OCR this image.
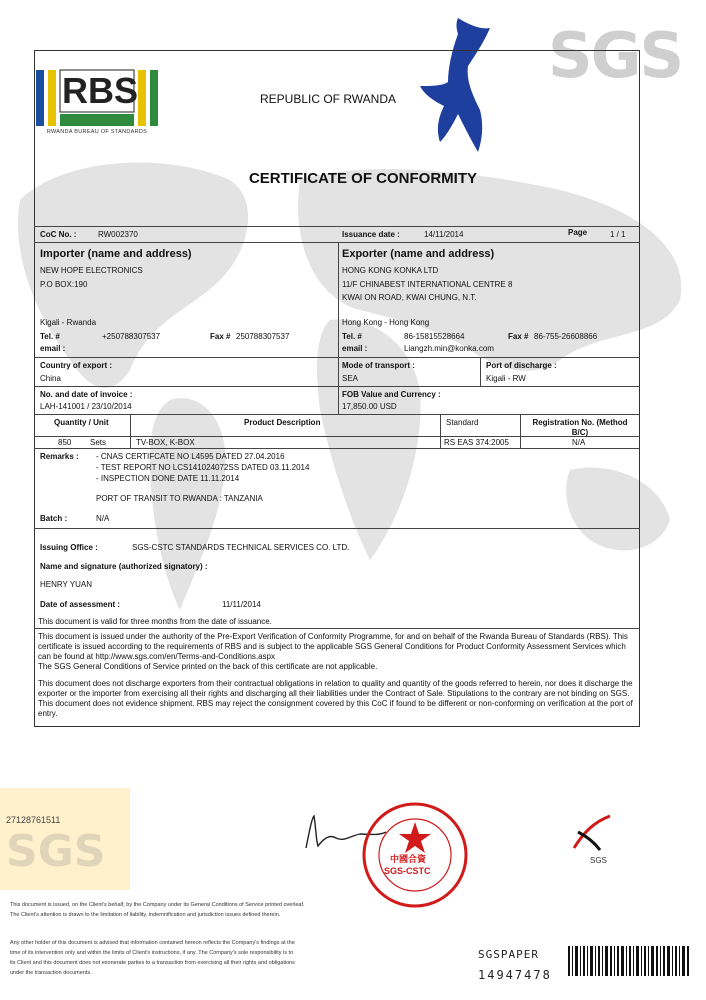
SGS
RBS
RWANDA BUREAU OF STANDARDS
REPUBLIC OF RWANDA
CERTIFICATE OF CONFORMITY
CoC No. :	RW002370	Issuance date :	14/11/2014	Page	1 / 1
Importer (name and address)
NEW HOPE ELECTRONICS
P.O BOX:190
Kigali - Rwanda
Tel. #	+250788307537	Fax # 250788307537
email :
Exporter (name and address)
HONG KONG KONKA LTD
11/F CHINABEST INTERNATIONAL CENTRE 8
KWAI ON ROAD, KWAI CHUNG, N.T.
Hong Kong - Hong Kong
Tel. #	86-15815528664	Fax # 86-755-26608866
email :	Liangzh.min@konka.com
Country of export :
China
Mode of transport :
SEA
Port of discharge :
Kigali - RW
No. and date of invoice :
LAH-141001 / 23/10/2014
FOB Value and Currency :
17,850.00 USD
Quantity / Unit	Product Description	Standard	Registration No. (Method B/C)
850 Sets	TV-BOX, K-BOX	RS EAS 374:2005	N/A
Remarks : - CNAS CERTIFCATE NO L4595 DATED 27.04.2016
- TEST REPORT NO LCS141024072SS DATED 03.11.2014
- INSPECTION DONE DATE 11.11.2014
PORT OF TRANSIT TO RWANDA : TANZANIA
Batch :	N/A
Issuing Office :	SGS-CSTC STANDARDS TECHNICAL SERVICES CO. LTD.
Name and signature (authorized signatory) :
HENRY YUAN
Date of assessment :	11/11/2014
This document is valid for three months from the date of issuance.
This document is issued under the authority of the Pre-Export Verification of Conformity Programme, for and on behalf of the Rwanda Bureau of Standards (RBS). This certificate is issued according to the requirements of RBS and is subject to the applicable SGS General Conditions for Product Conformity Assessment Services which can be found at http://www.sgs.com/en/Terms-and-Conditions.aspx
The SGS General Conditions of Service printed on the back of this certificate are not applicable.
This document does not discharge exporters from their contractual obligations in relation to quality and quantity of the goods referred to herein, nor does it discharge the exporter or the importer from exercising all their rights and discharging all their liabilities under the Contract of Sale. Stipulations to the contrary are not binding on SGS. This document does not evidence shipment. RBS may reject the consignment covered by this CoC if found to be different or non-conforming on verification at the port of entry.
27128761511
SGS	中國合資
SGS-CSTC
SGS
This document is issued, on the Client's behalf, by the Company under its General Conditions of Service printed overleaf.
The Client's attention is drawn to the limitation of liability, indemnification and jurisdiction issues defined therein.
Any other holder of this document is advised that information contained hereon reflects the Company's findings at the
time of its intervention only and within the limits of Client's instructions, if any. The Company's sole responsibility is to
its Client and this document does not exonerate parties to a transaction from exercising all their rights and obligations
under the transaction documents.
SGSPAPER
14947478
